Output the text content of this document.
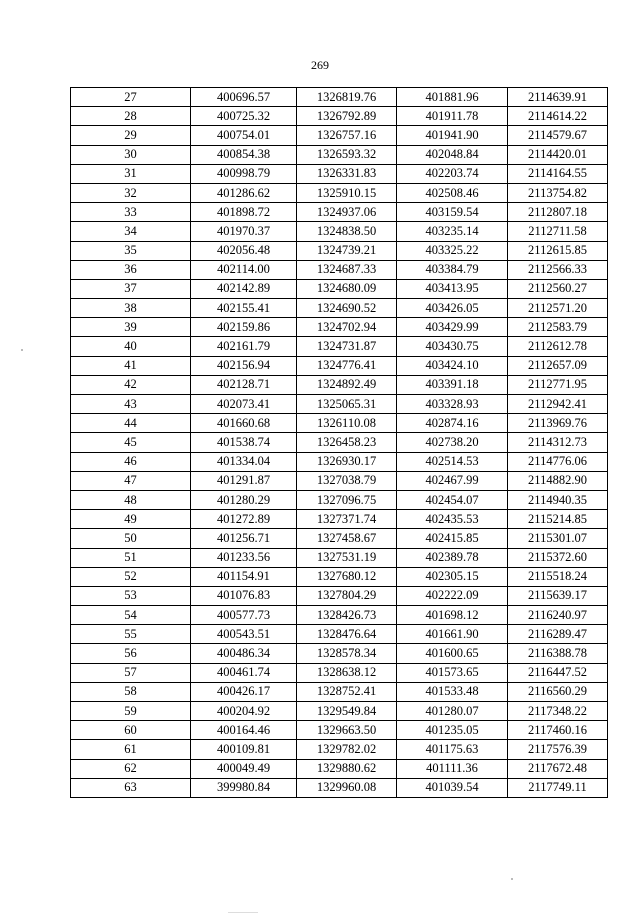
269
27	400696.57	1326819.76	401881.96	2114639.91
28	400725.32	1326792.89	401911.78	2114614.22
29	400754.01	1326757.16	401941.90	2114579.67
30	400854.38	1326593.32	402048.84	2114420.01
31	400998.79	1326331.83	402203.74	2114164.55
32	401286.62	1325910.15	402508.46	2113754.82
33	401898.72	1324937.06	403159.54	2112807.18
34	401970.37	1324838.50	403235.14	2112711.58
35	402056.48	1324739.21	403325.22	2112615.85
36	402114.00	1324687.33	403384.79	2112566.33
37	402142.89	1324680.09	403413.95	2112560.27
38	402155.41	1324690.52	403426.05	2112571.20
39	402159.86	1324702.94	403429.99	2112583.79
40	402161.79	1324731.87	403430.75	2112612.78
41	402156.94	1324776.41	403424.10	2112657.09
42	402128.71	1324892.49	403391.18	2112771.95
43	402073.41	1325065.31	403328.93	2112942.41
44	401660.68	1326110.08	402874.16	2113969.76
45	401538.74	1326458.23	402738.20	2114312.73
46	401334.04	1326930.17	402514.53	2114776.06
47	401291.87	1327038.79	402467.99	2114882.90
48	401280.29	1327096.75	402454.07	2114940.35
49	401272.89	1327371.74	402435.53	2115214.85
50	401256.71	1327458.67	402415.85	2115301.07
51	401233.56	1327531.19	402389.78	2115372.60
52	401154.91	1327680.12	402305.15	2115518.24
53	401076.83	1327804.29	402222.09	2115639.17
54	400577.73	1328426.73	401698.12	2116240.97
55	400543.51	1328476.64	401661.90	2116289.47
56	400486.34	1328578.34	401600.65	2116388.78
57	400461.74	1328638.12	401573.65	2116447.52
58	400426.17	1328752.41	401533.48	2116560.29
59	400204.92	1329549.84	401280.07	2117348.22
60	400164.46	1329663.50	401235.05	2117460.16
61	400109.81	1329782.02	401175.63	2117576.39
62	400049.49	1329880.62	401111.36	2117672.48
63	399980.84	1329960.08	401039.54	2117749.11
